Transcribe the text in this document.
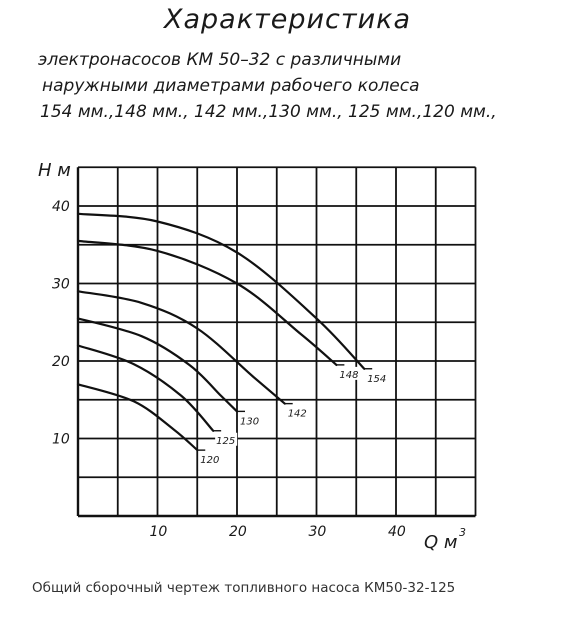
Характеристика
электронасосов КМ 50–32 с различными
наружными диаметрами рабочего колеса
154 мм.,148 мм., 142 мм.,130 мм., 125 мм.,120 мм.,
10	20	30	40
10
20
30
40
154
148
142
130
125
120
H м
Q м 3
Общий сборочный чертеж топливного насоса КМ50-32-125
